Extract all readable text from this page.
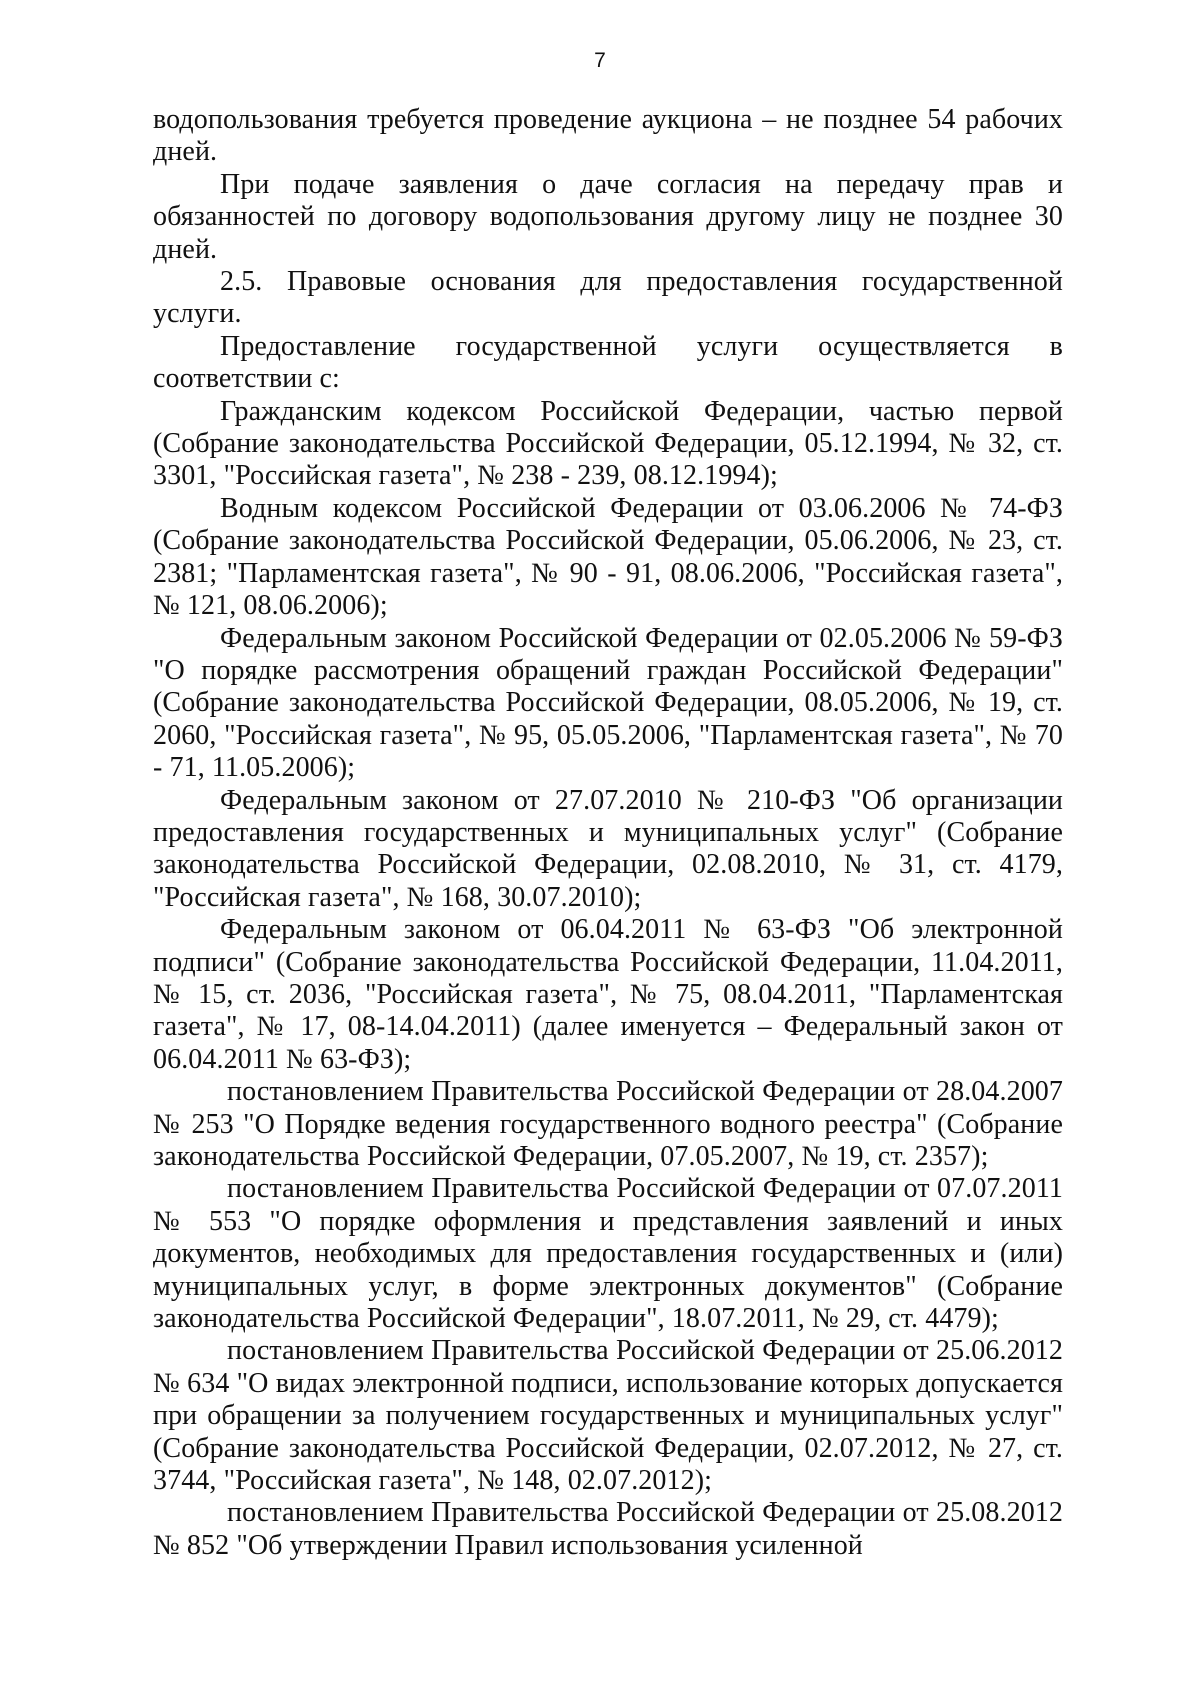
7

водопользования требуется проведение аукциона – не позднее 54 рабочих дней.

При подаче заявления о даче согласия на передачу прав и обязанностей по договору водопользования другому лицу не позднее 30 дней.

2.5. Правовые основания для предоставления государственной услуги.

Предоставление государственной услуги осуществляется в соответствии с:

Гражданским кодексом Российской Федерации, частью первой (Собрание законодательства Российской Федерации, 05.12.1994, № 32, ст. 3301, "Российская газета", № 238 - 239, 08.12.1994);

Водным кодексом Российской Федерации от 03.06.2006 № 74-ФЗ (Собрание законодательства Российской Федерации, 05.06.2006, № 23, ст. 2381; "Парламентская газета", № 90 - 91, 08.06.2006, "Российская газета", № 121, 08.06.2006);

Федеральным законом Российской Федерации от 02.05.2006 № 59-ФЗ "О порядке рассмотрения обращений граждан Российской Федерации" (Собрание законодательства Российской Федерации, 08.05.2006, № 19, ст. 2060, "Российская газета", № 95, 05.05.2006, "Парламентская газета", № 70 - 71, 11.05.2006);

Федеральным законом от 27.07.2010 № 210-ФЗ "Об организации предоставления государственных и муниципальных услуг" (Собрание законодательства Российской Федерации, 02.08.2010, № 31, ст. 4179, "Российская газета", № 168, 30.07.2010);

Федеральным законом от 06.04.2011 № 63-ФЗ "Об электронной подписи" (Собрание законодательства Российской Федерации, 11.04.2011, № 15, ст. 2036, "Российская газета", № 75, 08.04.2011, "Парламентская газета", № 17, 08-14.04.2011) (далее именуется – Федеральный закон от 06.04.2011 № 63-ФЗ);

постановлением Правительства Российской Федерации от 28.04.2007 № 253 "О Порядке ведения государственного водного реестра" (Собрание законодательства Российской Федерации, 07.05.2007, № 19, ст. 2357);

постановлением Правительства Российской Федерации от 07.07.2011 № 553 "О порядке оформления и представления заявлений и иных документов, необходимых для предоставления государственных и (или) муниципальных услуг, в форме электронных документов" (Собрание законодательства Российской Федерации", 18.07.2011, № 29, ст. 4479);

постановлением Правительства Российской Федерации от 25.06.2012 № 634 "О видах электронной подписи, использование которых допускается при обращении за получением государственных и муниципальных услуг" (Собрание законодательства Российской Федерации, 02.07.2012, № 27, ст. 3744, "Российская газета", № 148, 02.07.2012);

постановлением Правительства Российской Федерации от 25.08.2012 № 852 "Об утверждении Правил использования усиленной
